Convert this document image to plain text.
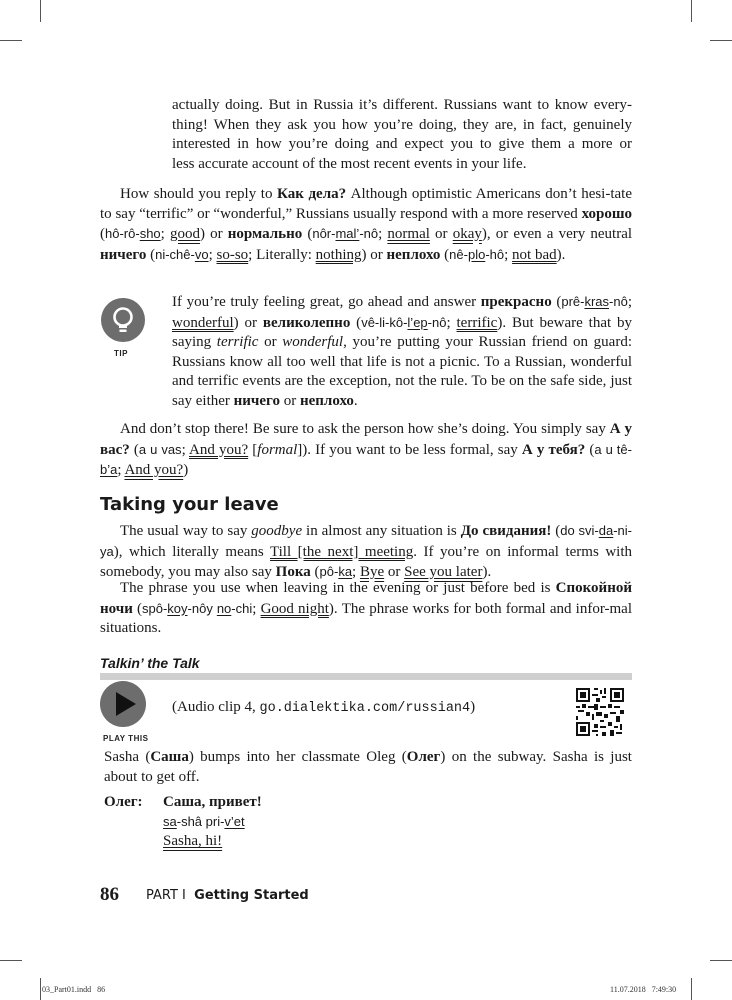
actually doing. But in Russia it’s different. Russians want to know every-
thing! When they ask you how you’re doing, they are, in fact, genuinely
interested in how you’re doing and expect you to give them a more or
less accurate account of the most recent events in your life.
How should you reply to Как дела? Although optimistic Americans don’t hesi-tate to say “terrific” or “wonderful,” Russians usually respond with a more reserved хорошо (hô-rô-sho; good) or нормально (nôr-mal’-nô; normal or okay), or even a very neutral ничего (ni-chê-vo; so-so; Literally: nothing) or неплохо (nê-plo-hô; not bad).
TIP
If you’re truly feeling great, go ahead and answer прекрасно (prê-kras-nô; wonderful) or великолепно (vê-li-kô-l’ep-nô; terrific). But beware that by saying terrific or wonderful, you’re putting your Russian friend on guard: Russians know all too well that life is not a picnic. To a Russian, wonderful and terrific events are the exception, not the rule. To be on the safe side, just say either ничего or неплохо.
And don’t stop there! Be sure to ask the person how she’s doing. You simply say А у вас? (a u vas; And you? [formal]). If you want to be less formal, say А у тебя? (a u tê-b’a; And you?)
Taking your leave
The usual way to say goodbye in almost any situation is До свидания! (do svi-da-ni-ya), which literally means Till [the next] meeting. If you’re on informal terms with somebody, you may also say Пока (pô-ka; Bye or See you later).
The phrase you use when leaving in the evening or just before bed is Спокойной ночи (spô-koy-nôy no-chi; Good night). The phrase works for both formal and infor-mal situations.
Talkin’ the Talk
PLAY THIS
(Audio clip 4, go.dialektika.com/russian4)
Sasha (Саша) bumps into her classmate Oleg (Олег) on the subway. Sasha is just about to get off.
Олег: Саша, привет!
sa-shâ pri-v’et
Sasha, hi!
86 PART I Getting Started
03_Part01.indd   86	11.07.2018   7:49:30
